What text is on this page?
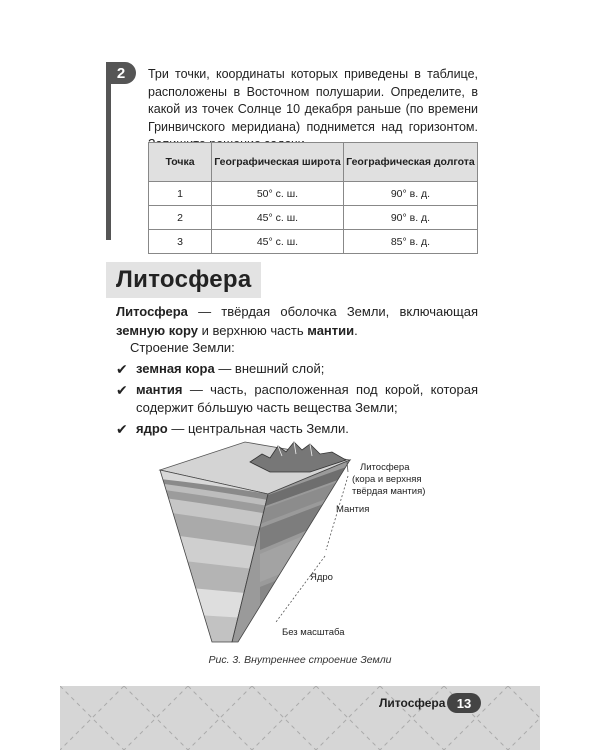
2	Три точки, координаты которых приведены в таблице, расположены в Восточном полушарии. Определите, в какой из точек Солнце 10 декабря раньше (по времени Гринвичского меридиана) поднимется над горизонтом.
Точка	Географическая широта	Географическая долгота
1	50° с. ш.	90° в. д.
2	45° с. ш.	90° в. д.
3	45° с. ш.	85° в. д.
Литосфера
Литосфера — твёрдая оболочка Земли, включающая земную кору и верхнюю часть мантии.
Строение Земли:
✔ земная кора — внешний слой;
✔ мантия — часть, расположенная под корой, которая содержит бóльшую часть вещества Земли;
✔ ядро — центральная часть Земли.
Литосфера
(кора и верхняя
твёрдая мантия)
Мантия
Ядро
Без масштаба
Рис. 3. Внутреннее строение Земли
Литосфера 13
